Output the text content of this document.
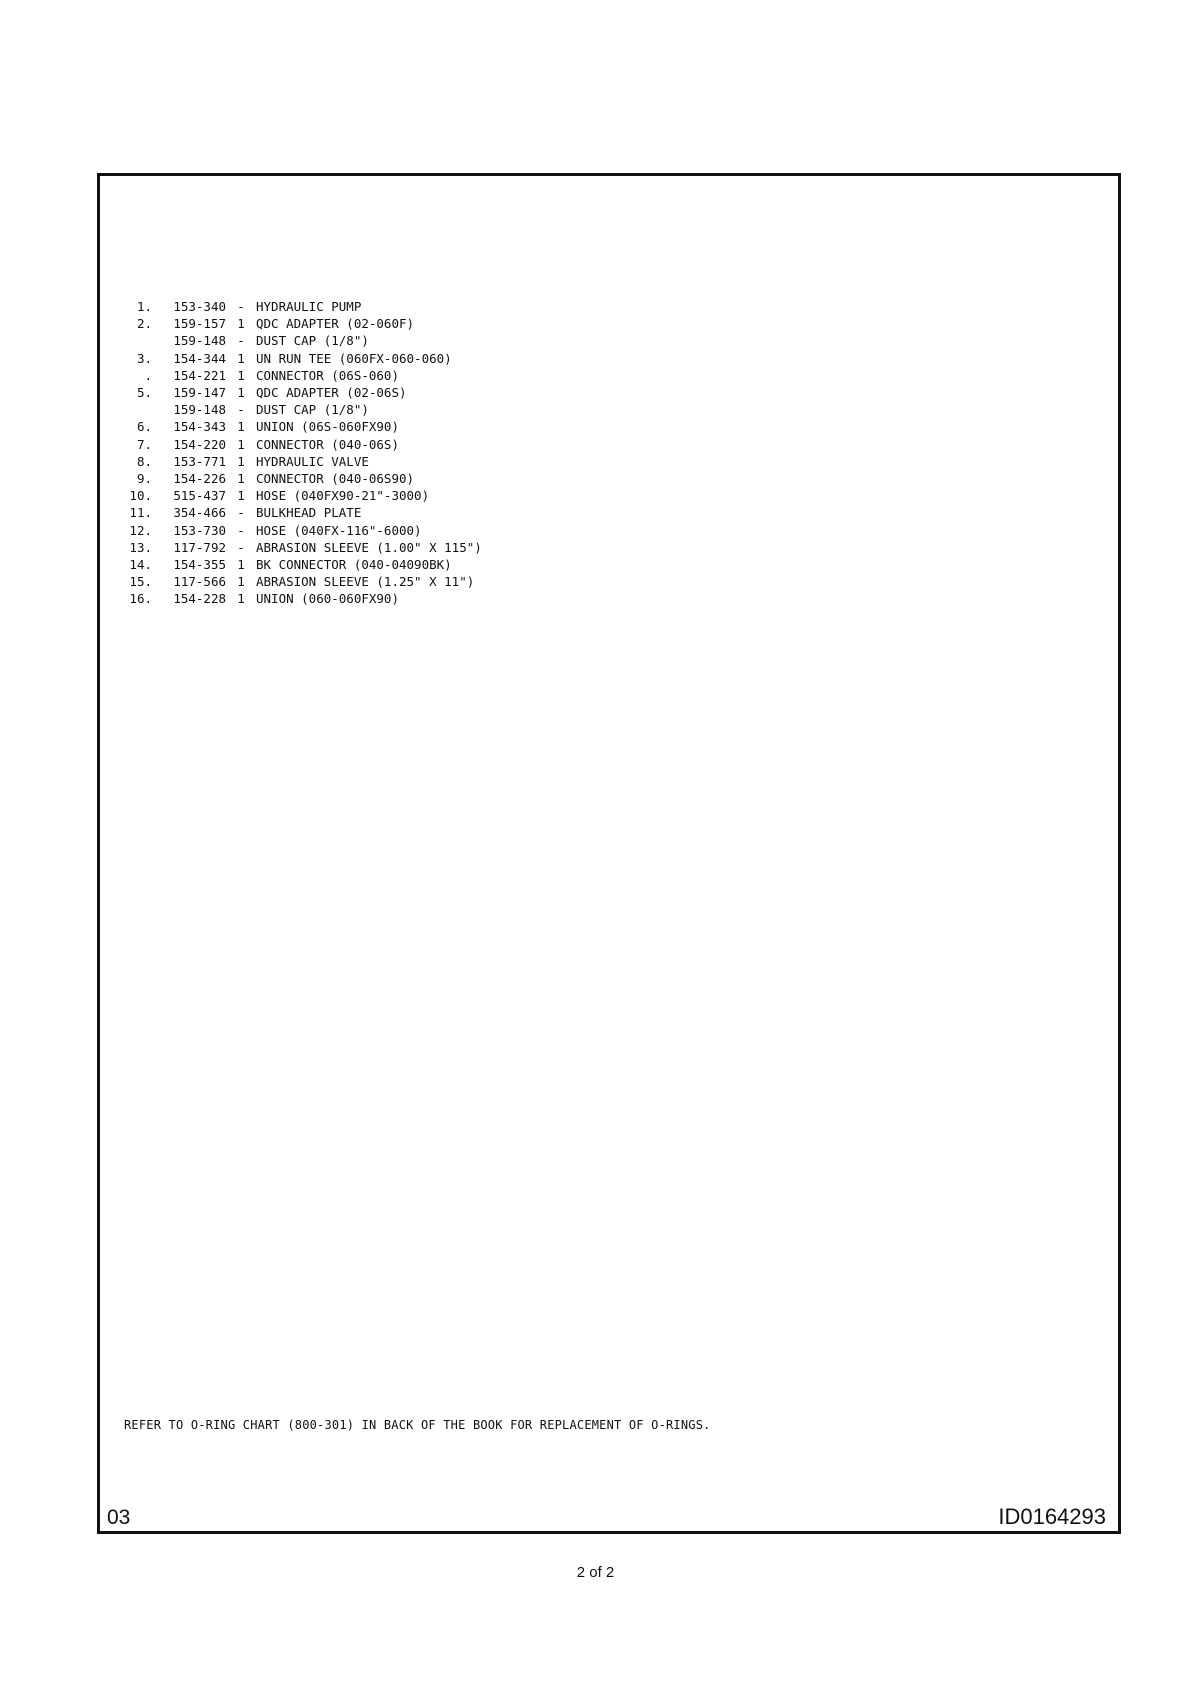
1.	153-340 - HYDRAULIC PUMP
2.	159-157 1 QDC ADAPTER (02-060F)
159-148 - DUST CAP (1/8")
3.	154-344 1 UN RUN TEE (060FX-060-060)
.	154-221 1 CONNECTOR (06S-060)
5.	159-147 1 QDC ADAPTER (02-06S)
159-148 - DUST CAP (1/8")
6.	154-343 1 UNION (06S-060FX90)
7.	154-220 1 CONNECTOR (040-06S)
8.	153-771 1 HYDRAULIC VALVE
9.	154-226 1 CONNECTOR (040-06S90)
10.	515-437 1 HOSE (040FX90-21"-3000)
11.	354-466 - BULKHEAD PLATE
12.	153-730 - HOSE (040FX-116"-6000)
13.	117-792 - ABRASION SLEEVE (1.00" X 115")
14.	154-355 1 BK CONNECTOR (040-04090BK)
15.	117-566 1 ABRASION SLEEVE (1.25" X 11")
16.	154-228 1 UNION (060-060FX90)
REFER TO O-RING CHART (800-301) IN BACK OF THE BOOK FOR REPLACEMENT OF O-RINGS.
03	ID0164293
2 of 2
